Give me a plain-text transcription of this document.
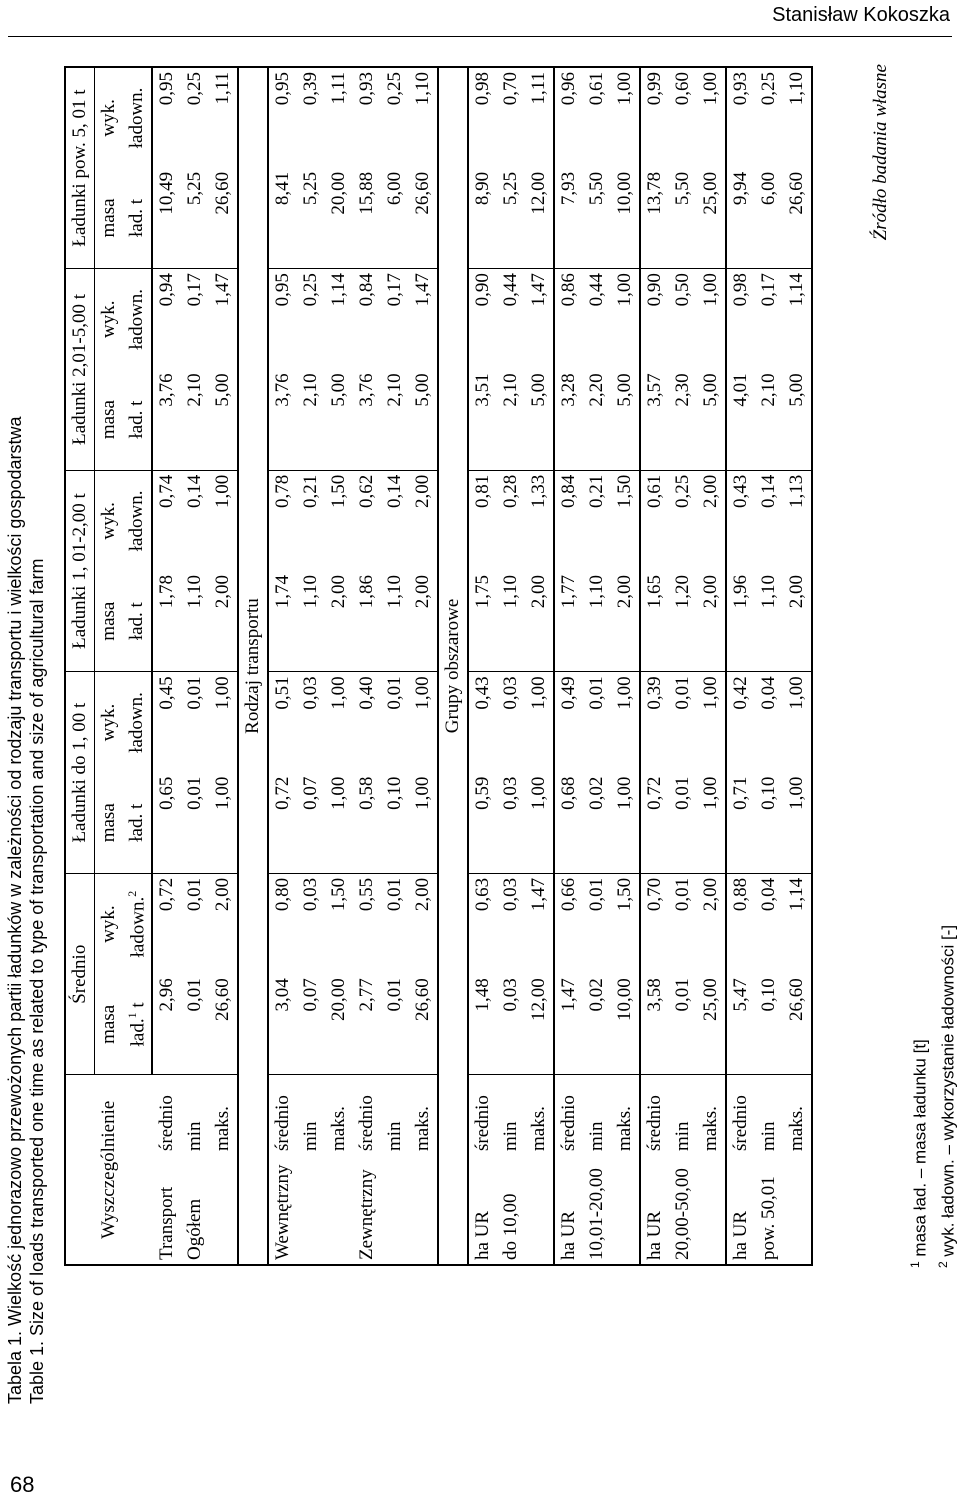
Stanisław Kokoszka
68
Tabela 1. Wielkość jednorazowo przewożonych partii ładunków w zależności od rodzaju transportu i wielkości gospodarstwa Table 1. Size of loads transported one time as related to type of transportation and size of agricultural farm	Wyszczególnienie		Średnio		Ładunki do 1, 00 t		Ładunki 1, 01-2,00 t		Ładunki 2,01-5,00 t		Ładunki pow. 5, 01 t	
		masa	wyk.	masa	wyk.	masa	wyk.	masa	wyk.	masa	wyk.
		ład.$^1$ t	ładown.$^2$	ład. t	ładown.	ład. t	ładown.	ład. t	ładown.	ład. t	ładown.
Transport	średnio	2,96	0,72	0,65	0,45	1,78	0,74	3,76	0,94	10,49	0,95
Ogółem	min	0,01	0,01	0,01	0,01	1,10	0,14	2,10	0,17	5,25	0,25
	maks.	26,60	2,00	1,00	1,00	2,00	1,00	5,00	1,47	26,60	1,11
Rodzaj transportu											
Wewnętrzny	średnio	3,04	0,80	0,72	0,51	1,74	0,78	3,76	0,95	8,41	0,95
	min	0,07	0,03	0,07	0,03	1,10	0,21	2,10	0,25	5,25	0,39
	maks.	20,00	1,50	1,00	1,00	2,00	1,50	5,00	1,14	20,00	1,11
Zewnętrzny	średnio	2,77	0,55	0,58	0,40	1,86	0,62	3,76	0,84	15,88	0,93
	min	0,01	0,01	0,10	0,01	1,10	0,14	2,10	0,17	6,00	0,25
	maks.	26,60	2,00	1,00	1,00	2,00	2,00	5,00	1,47	26,60	1,10
Grupy obszarowe											
ha UR	średnio	1,48	0,63	0,59	0,43	1,75	0,81	3,51	0,90	8,90	0,98
do 10,00	min	0,03	0,03	0,03	0,03	1,10	0,28	2,10	0,44	5,25	0,70
	maks.	12,00	1,47	1,00	1,00	2,00	1,33	5,00	1,47	12,00	1,11
ha UR	średnio	1,47	0,66	0,68	0,49	1,77	0,84	3,28	0,86	7,93	0,96
10,01-20,00	min	0,02	0,01	0,02	0,01	1,10	0,21	2,20	0,44	5,50	0,61
	maks.	10,00	1,50	1,00	1,00	2,00	1,50	5,00	1,00	10,00	1,00
ha UR	średnio	3,58	0,70	0,72	0,39	1,65	0,61	3,57	0,90	13,78	0,99
20,00-50,00	min	0,01	0,01	0,01	0,01	1,20	0,25	2,30	0,50	5,50	0,60
	maks.	25,00	2,00	1,00	1,00	2,00	2,00	5,00	1,00	25,00	1,00
ha UR	średnio	5,47	0,88	0,71	0,42	1,96	0,43	4,01	0,98	9,94	0,93
pow. 50,01	min	0,10	0,04	0,10	0,04	1,10	0,14	2,10	0,17	6,00	0,25
	maks.	26,60	1,14	1,00	1,00	2,00	1,13	5,00	1,14	26,60	1,10	Źródło badania własne
$^1$ masa ład. – masa ładunku [t]
$^2$ wyk. ładown. – wykorzystanie ładowności [-]
